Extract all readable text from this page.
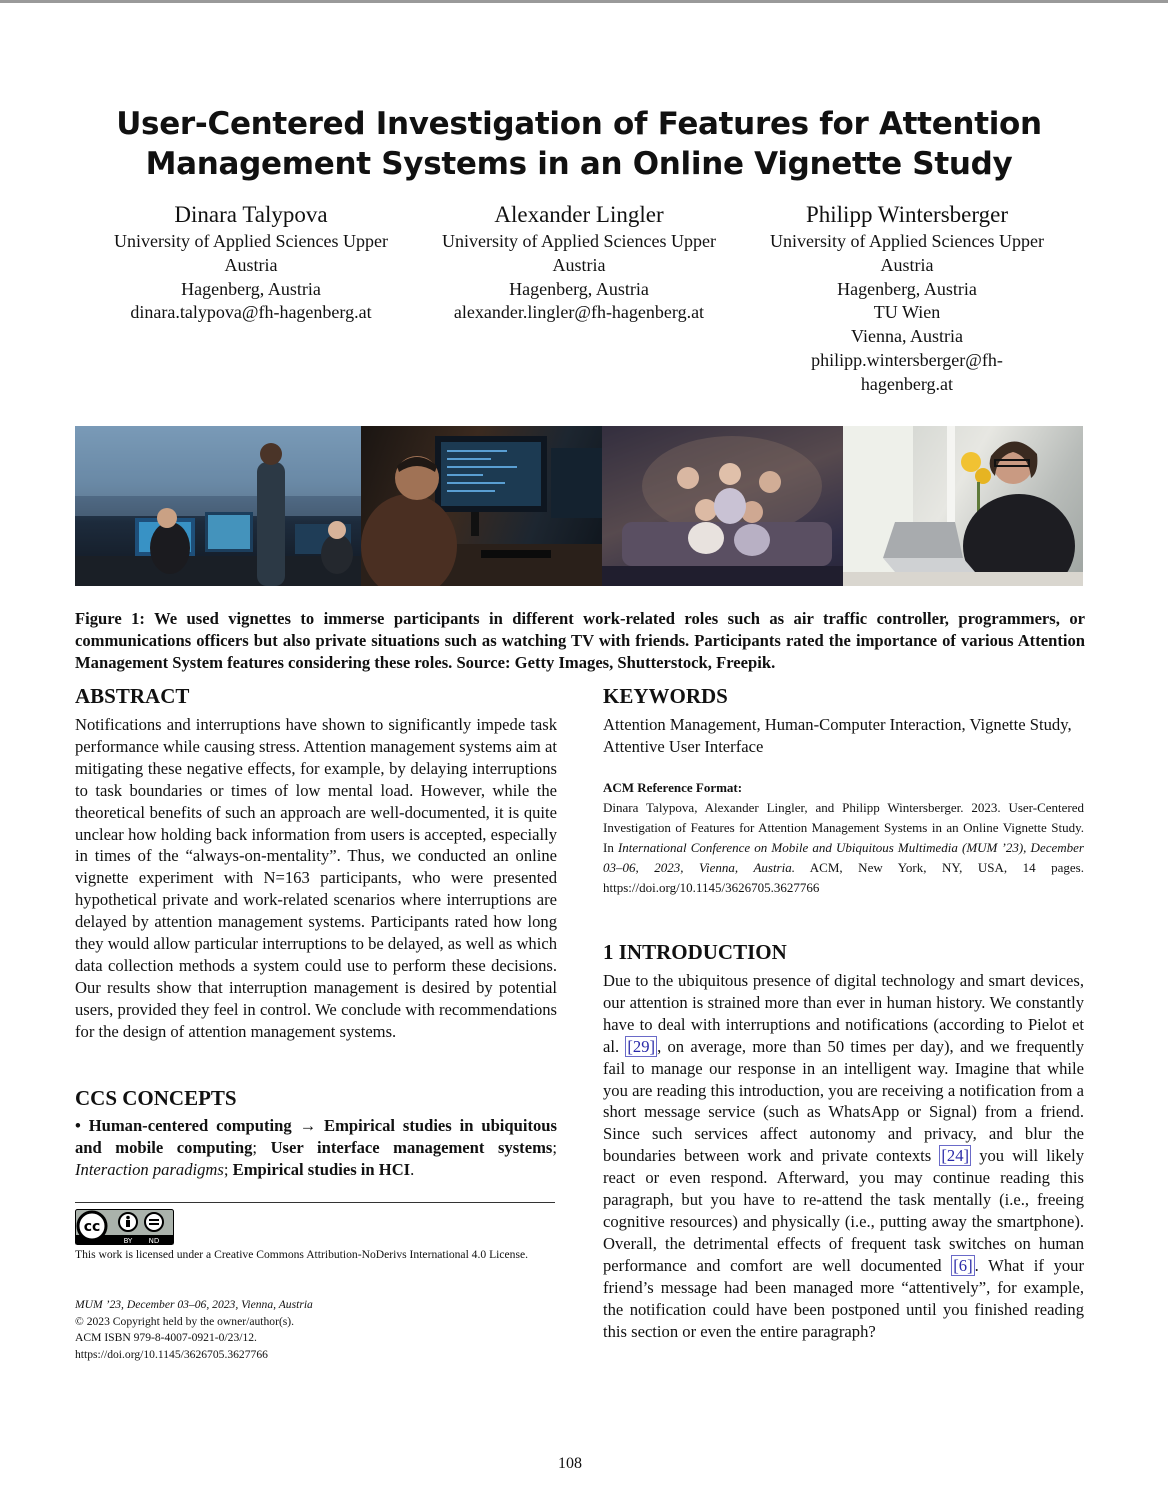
User-Centered Investigation of Features for Attention
Management Systems in an Online Vignette Study
Dinara Talypova
University of Applied Sciences Upper
Austria
Hagenberg, Austria
dinara.talypova@fh-hagenberg.at
Alexander Lingler
University of Applied Sciences Upper
Austria
Hagenberg, Austria
alexander.lingler@fh-hagenberg.at
Philipp Wintersberger
University of Applied Sciences Upper
Austria
Hagenberg, Austria
TU Wien
Vienna, Austria
philipp.wintersberger@fh-
hagenberg.at
Figure 1: We used vignettes to immerse participants in different work-related roles such as air traffic controller, programmers, or communications officers but also private situations such as watching TV with friends. Participants rated the importance of various Attention Management System features considering these roles. Source: Getty Images, Shutterstock, Freepik.
ABSTRACT
Notifications and interruptions have shown to significantly impede task performance while causing stress. Attention management systems aim at mitigating these negative effects, for example, by delaying interruptions to task boundaries or times of low mental load. However, while the theoretical benefits of such an approach are well-documented, it is quite unclear how holding back information from users is accepted, especially in times of the “always-on-mentality”. Thus, we conducted an online vignette experiment with N=163 participants, who were presented hypothetical private and work-related scenarios where interruptions are delayed by attention management systems. Participants rated how long they would allow particular interruptions to be delayed, as well as which data collection methods a system could use to perform these decisions. Our results show that interruption management is desired by potential users, provided they feel in control. We conclude with recommendations for the design of attention management systems.
CCS CONCEPTS
• Human-centered computing → Empirical studies in ubiquitous and mobile computing; User interface management systems; Interaction paradigms; Empirical studies in HCI.
cc
BY ND
This work is licensed under a Creative Commons Attribution-NoDerivs International 4.0 License.
MUM ’23, December 03–06, 2023, Vienna, Austria
© 2023 Copyright held by the owner/author(s).
ACM ISBN 979-8-4007-0921-0/23/12.
https://doi.org/10.1145/3626705.3627766
KEYWORDS
Attention Management, Human-Computer Interaction, Vignette Study, Attentive User Interface
ACM Reference Format:
Dinara Talypova, Alexander Lingler, and Philipp Wintersberger. 2023. User-Centered Investigation of Features for Attention Management Systems in an Online Vignette Study. In International Conference on Mobile and Ubiquitous Multimedia (MUM ’23), December 03–06, 2023, Vienna, Austria. ACM, New York, NY, USA, 14 pages. https://doi.org/10.1145/3626705.3627766
1 INTRODUCTION
Due to the ubiquitous presence of digital technology and smart devices, our attention is strained more than ever in human history. We constantly have to deal with interruptions and notifications (according to Pielot et al. [29] , on average, more than 50 times per day), and we frequently fail to manage our response in an intelligent way. Imagine that while you are reading this introduction, you are receiving a notification from a short message service (such as WhatsApp or Signal) from a friend. Since such services affect autonomy and privacy, and blur the boundaries between work and private contexts [24] you will likely react or even respond. Afterward, you may continue reading this paragraph, but you have to re-attend the task mentally (i.e., freeing cognitive resources) and physically (i.e., putting away the smartphone). Overall, the detrimental effects of frequent task switches on human performance and comfort are well documented [6] . What if your friend’s message had been managed more “attentively”, for example, the notification could have been postponed until you finished reading this section or even the entire paragraph?
108
